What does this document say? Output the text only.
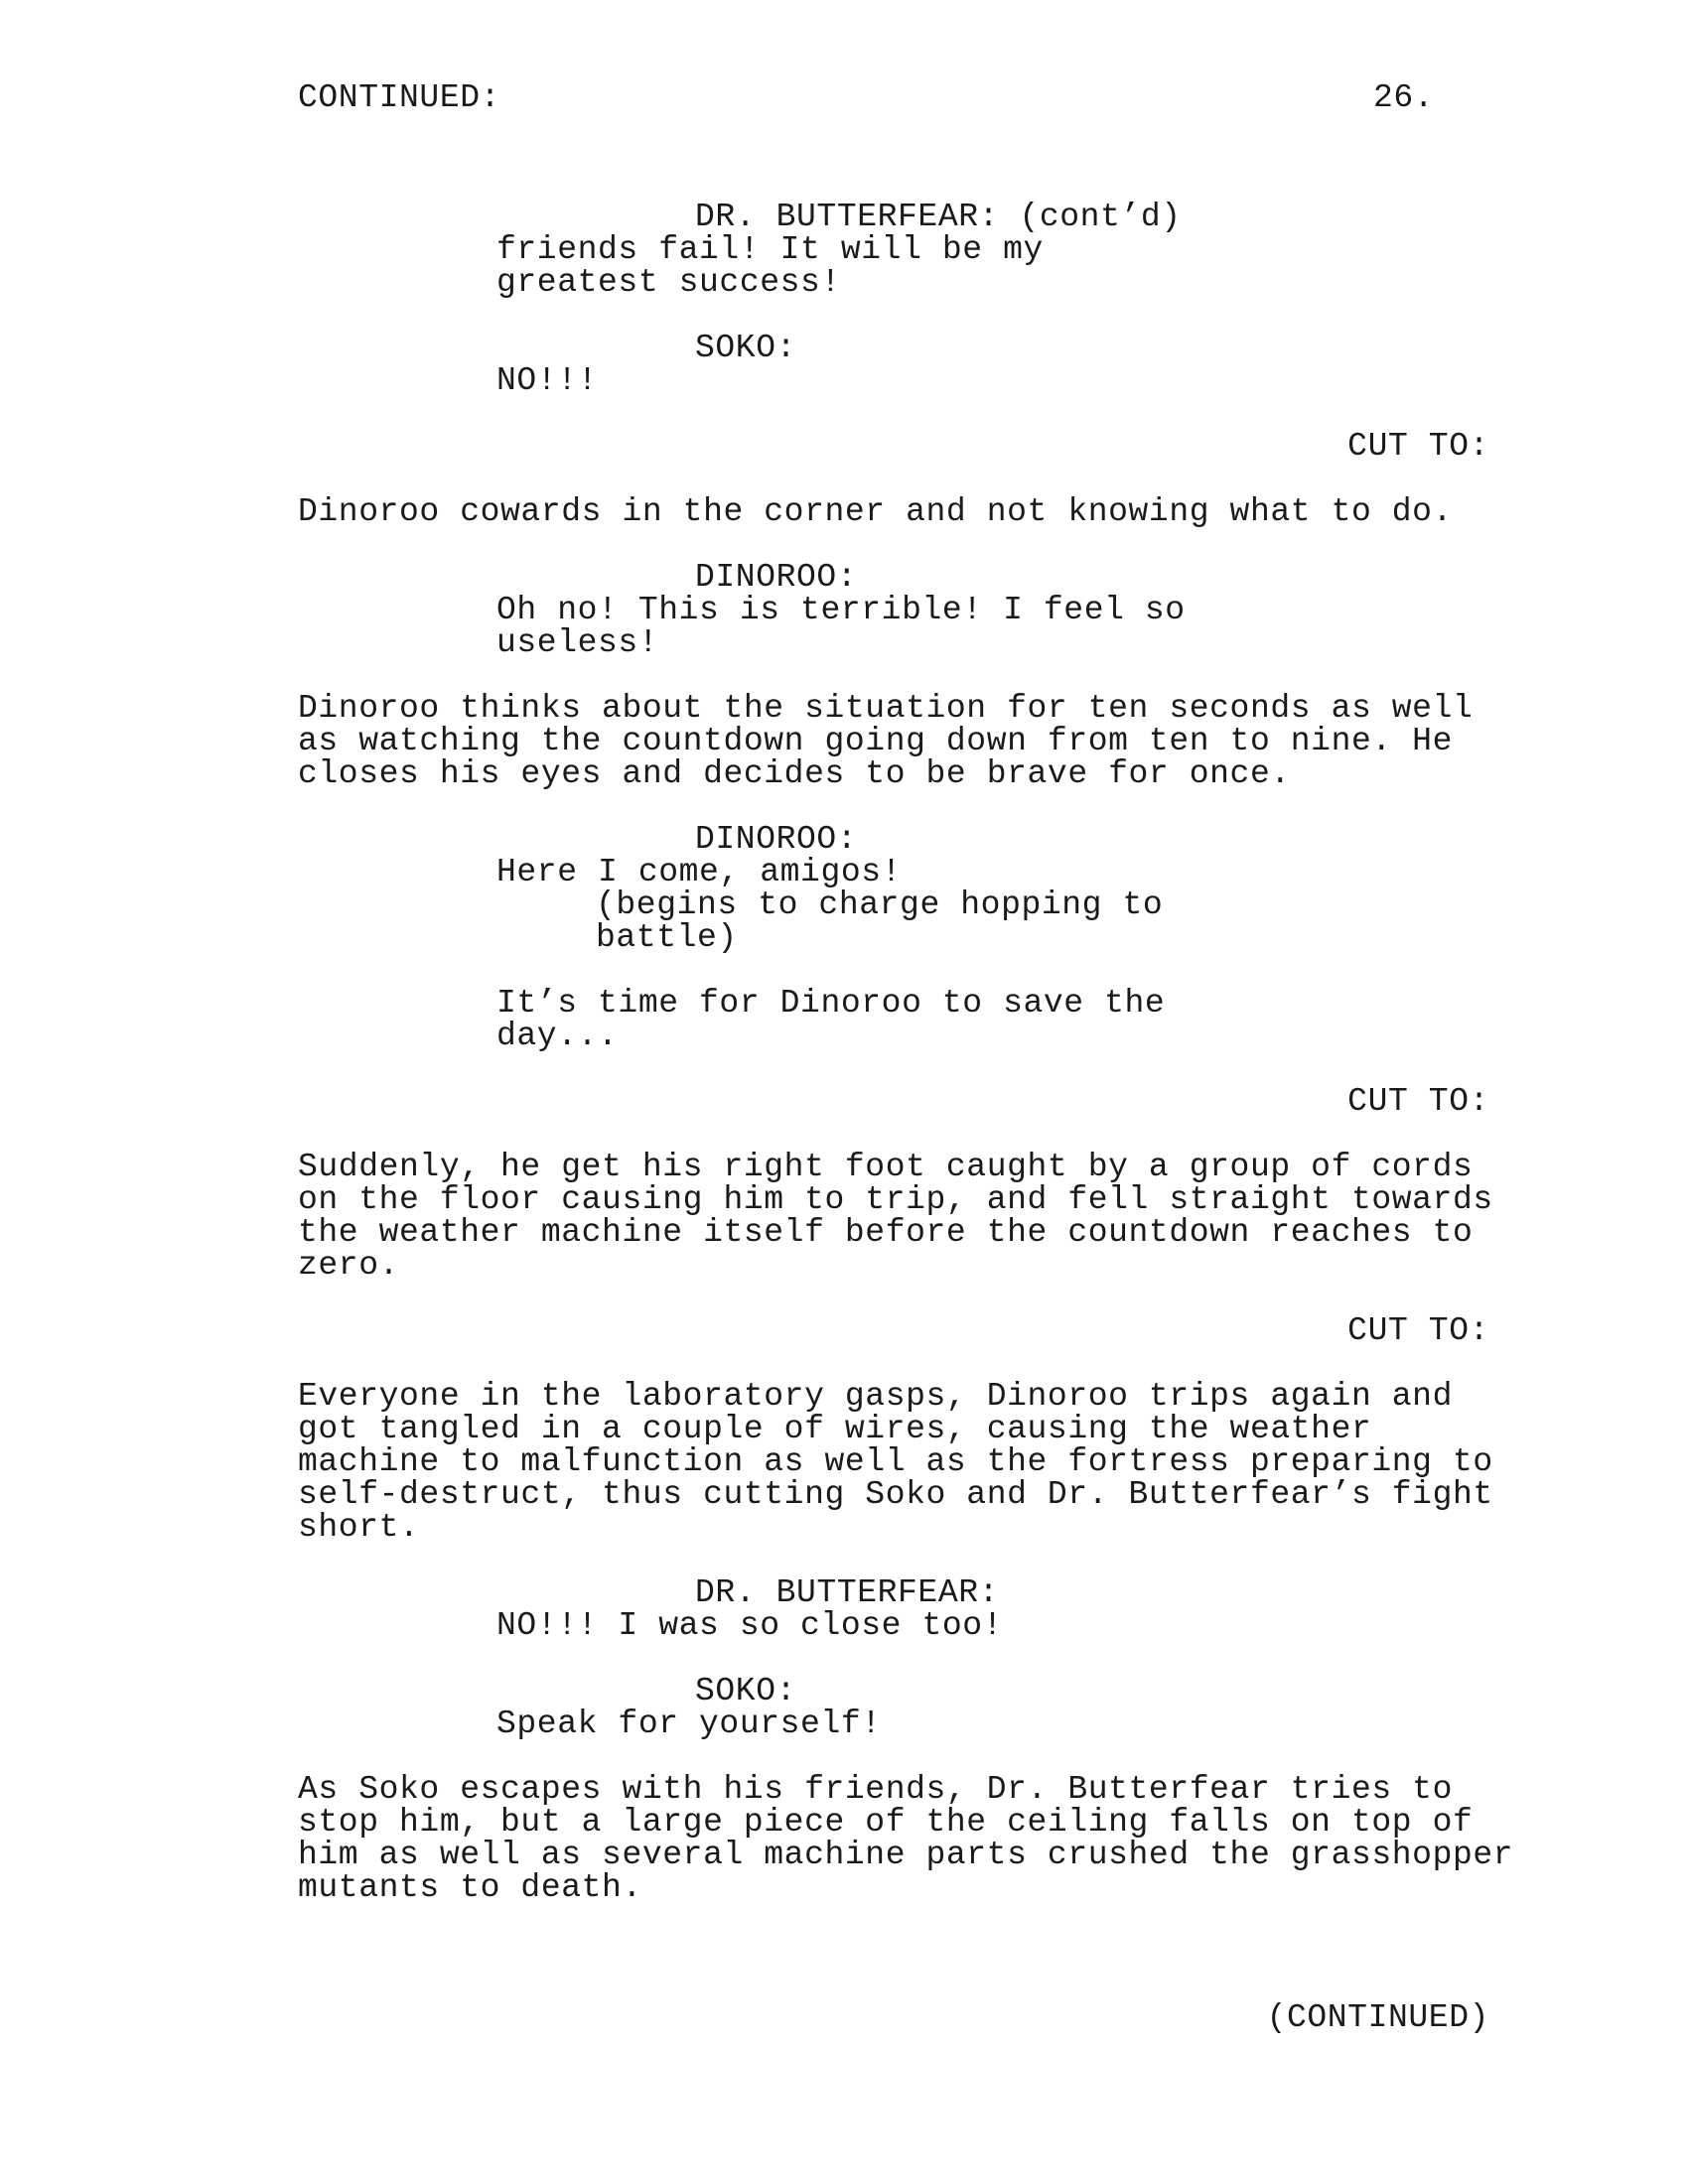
CONTINUED:	26.
DR. BUTTERFEAR: (cont’d)
friends fail! It will be my
greatest success!
SOKO:
NO!!!
CUT TO:
Dinoroo cowards in the corner and not knowing what to do.
DINOROO:
Oh no! This is terrible! I feel so
useless!
Dinoroo thinks about the situation for ten seconds as well
as watching the countdown going down from ten to nine. He
closes his eyes and decides to be brave for once.
DINOROO:
Here I come, amigos!
(begins to charge hopping to
battle)
It’s time for Dinoroo to save the
day...
CUT TO:
Suddenly, he get his right foot caught by a group of cords
on the floor causing him to trip, and fell straight towards
the weather machine itself before the countdown reaches to
zero.
CUT TO:
Everyone in the laboratory gasps, Dinoroo trips again and
got tangled in a couple of wires, causing the weather
machine to malfunction as well as the fortress preparing to
self-destruct, thus cutting Soko and Dr. Butterfear’s fight
short.
DR. BUTTERFEAR:
NO!!! I was so close too!
SOKO:
Speak for yourself!
As Soko escapes with his friends, Dr. Butterfear tries to
stop him, but a large piece of the ceiling falls on top of
him as well as several machine parts crushed the grasshopper
mutants to death.
(CONTINUED)
